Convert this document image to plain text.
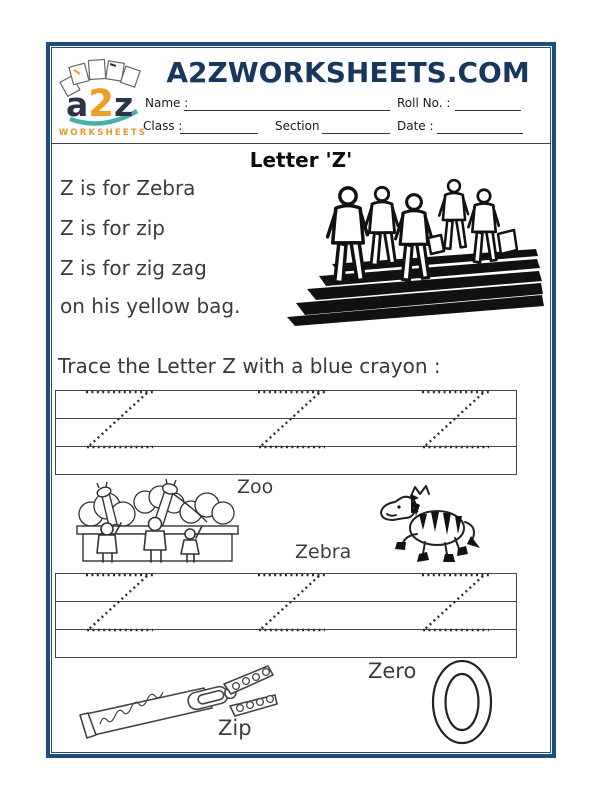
a2z
WORKSHEETS
A2ZWORKSHEETS.COM
Name :	Roll No. :
Class :	Section	Date :
Letter 'Z'
Z is for Zebra
Z is for zip
Z is for zig zag
on his yellow bag.
Trace the Letter Z with a blue crayon :
Zoo
Zebra
Zip
Zero
